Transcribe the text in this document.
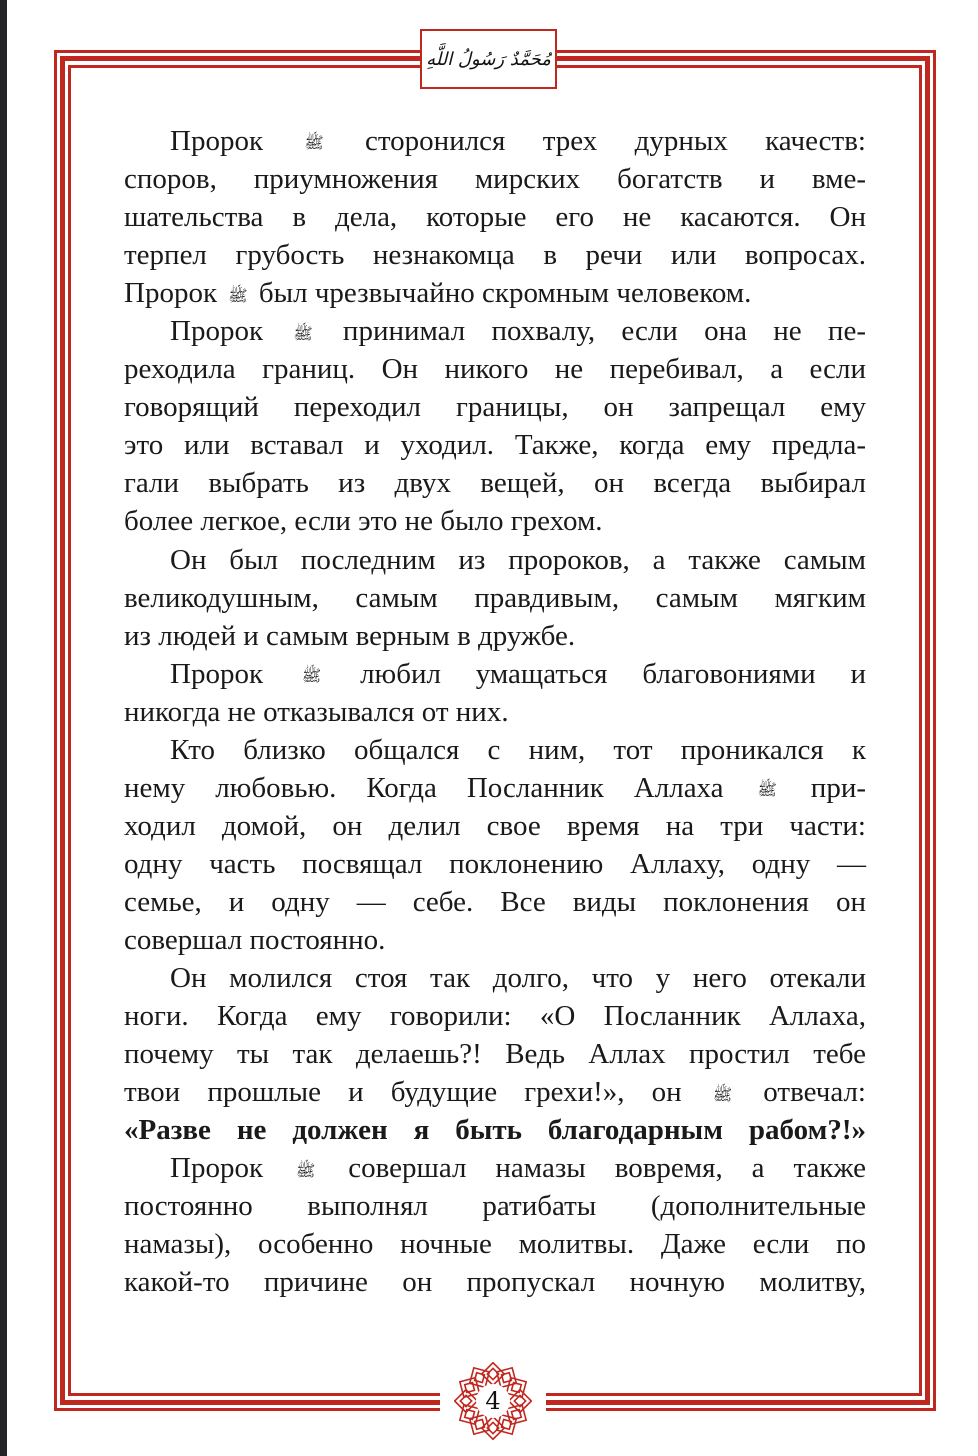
مُحَمَّدٌ رَسُولُ اللَّهِ
Пророк ﷺ сторонился трех дурных качеств:
споров, приумножения мирских богатств и вме-
шательства в дела, которые его не касаются. Он
терпел грубость незнакомца в речи или вопросах.
Пророк ﷺ был чрезвычайно скромным человеком.
Пророк ﷺ принимал похвалу, если она не пе-
реходила границ. Он никого не перебивал, а если
говорящий переходил границы, он запрещал ему
это или вставал и уходил. Также, когда ему предла-
гали выбрать из двух вещей, он всегда выбирал
более легкое, если это не было грехом.
Он был последним из пророков, а также самым
великодушным, самым правдивым, самым мягким
из людей и самым верным в дружбе.
Пророк ﷺ любил умащаться благовониями и
никогда не отказывался от них.
Кто близко общался с ним, тот проникался к
нему любовью. Когда Посланник Аллаха ﷺ при-
ходил домой, он делил свое время на три части:
одну часть посвящал поклонению Аллаху, одну —
семье, и одну — себе. Все виды поклонения он
совершал постоянно.
Он молился стоя так долго, что у него отекали
ноги. Когда ему говорили: «О Посланник Аллаха,
почему ты так делаешь?! Ведь Аллах простил тебе
твои прошлые и будущие грехи!», он ﷺ отвечал:
«Разве не должен я быть благодарным рабом?!»
Пророк ﷺ совершал намазы вовремя, а также
постоянно выполнял ратибаты (дополнительные
намазы), особенно ночные молитвы. Даже если по
какой-то причине он пропускал ночную молитву,
4
